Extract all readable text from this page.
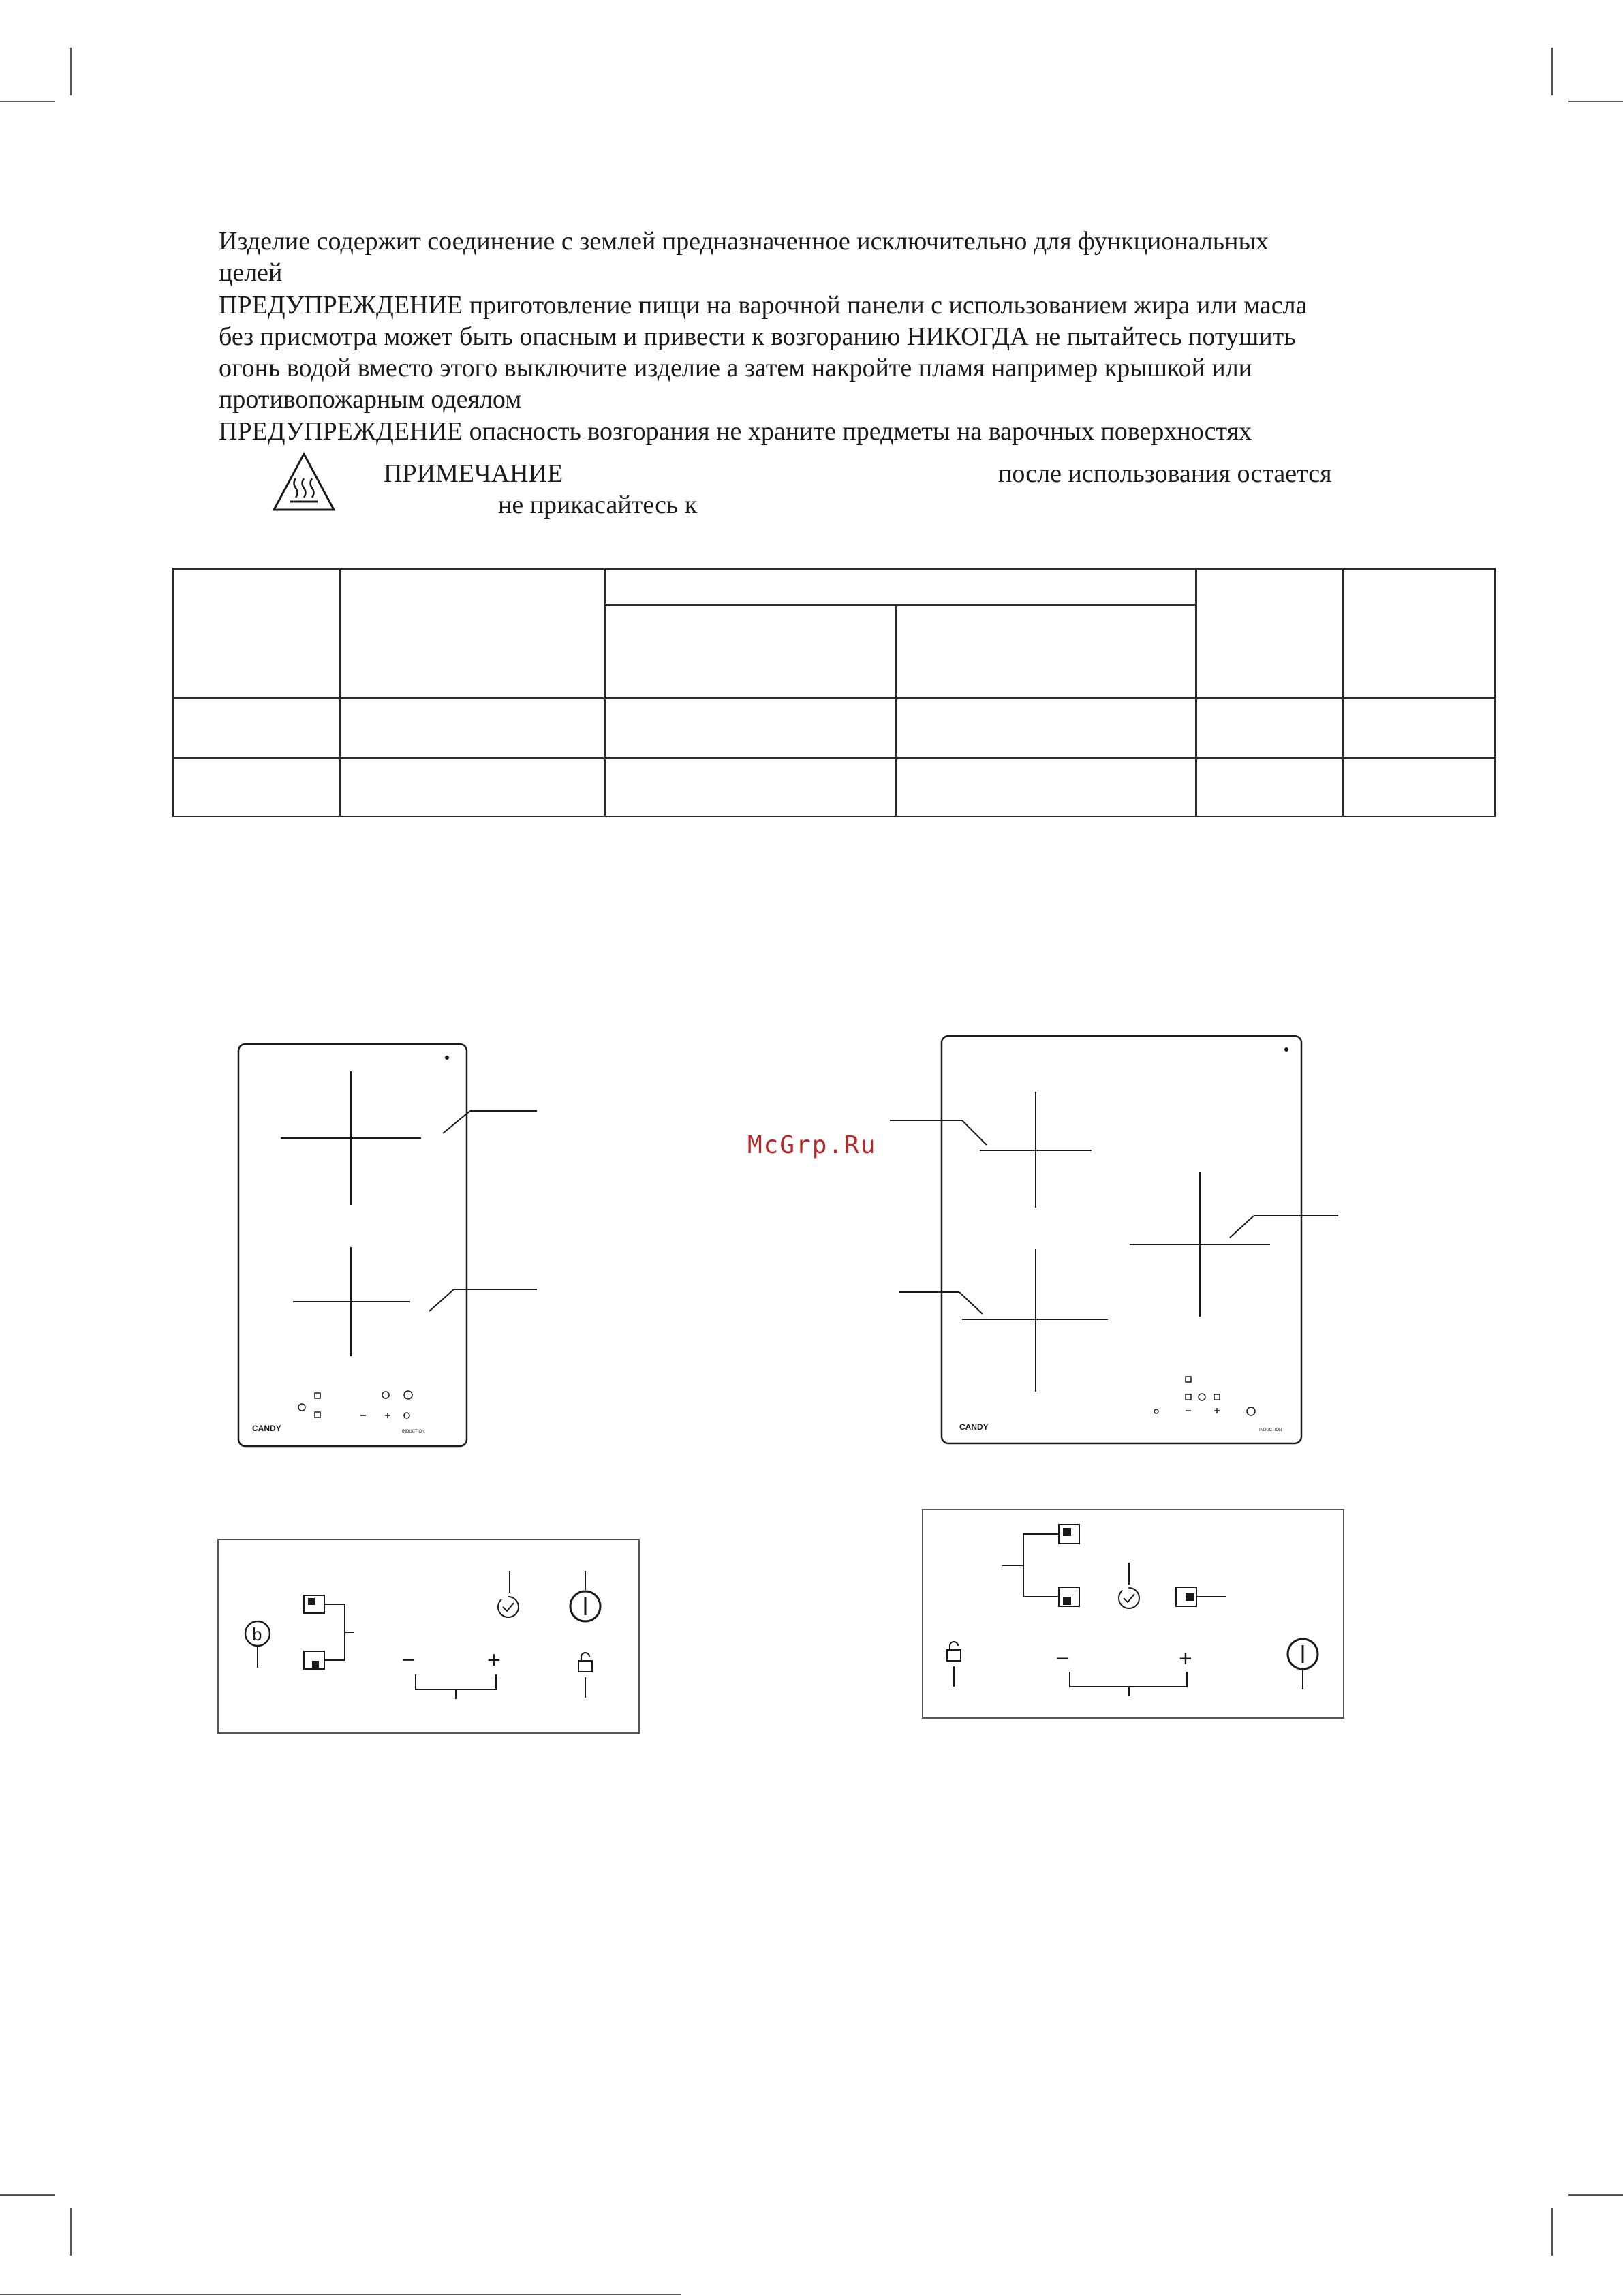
Изделие содержит соединение с землей предназначенное исключительно для функциональных
целей
ПРЕДУПРЕЖДЕНИЕ приготовление пищи на варочной панели с использованием жира или масла
без присмотра может быть опасным и привести к возгоранию НИКОГДА не пытайтесь потушить
огонь водой вместо этого выключите изделие а затем накройте пламя например крышкой или
противопожарным одеялом
ПРЕДУПРЕЖДЕНИЕ опасность возгорания не храните предметы на варочных поверхностях
ПРИМЕЧАНИЕ	после использования остается
не прикасайтесь к
McGrp.Ru
CANDY	INDUCTION	CANDY	INDUCTION
b
−	+	−	+
